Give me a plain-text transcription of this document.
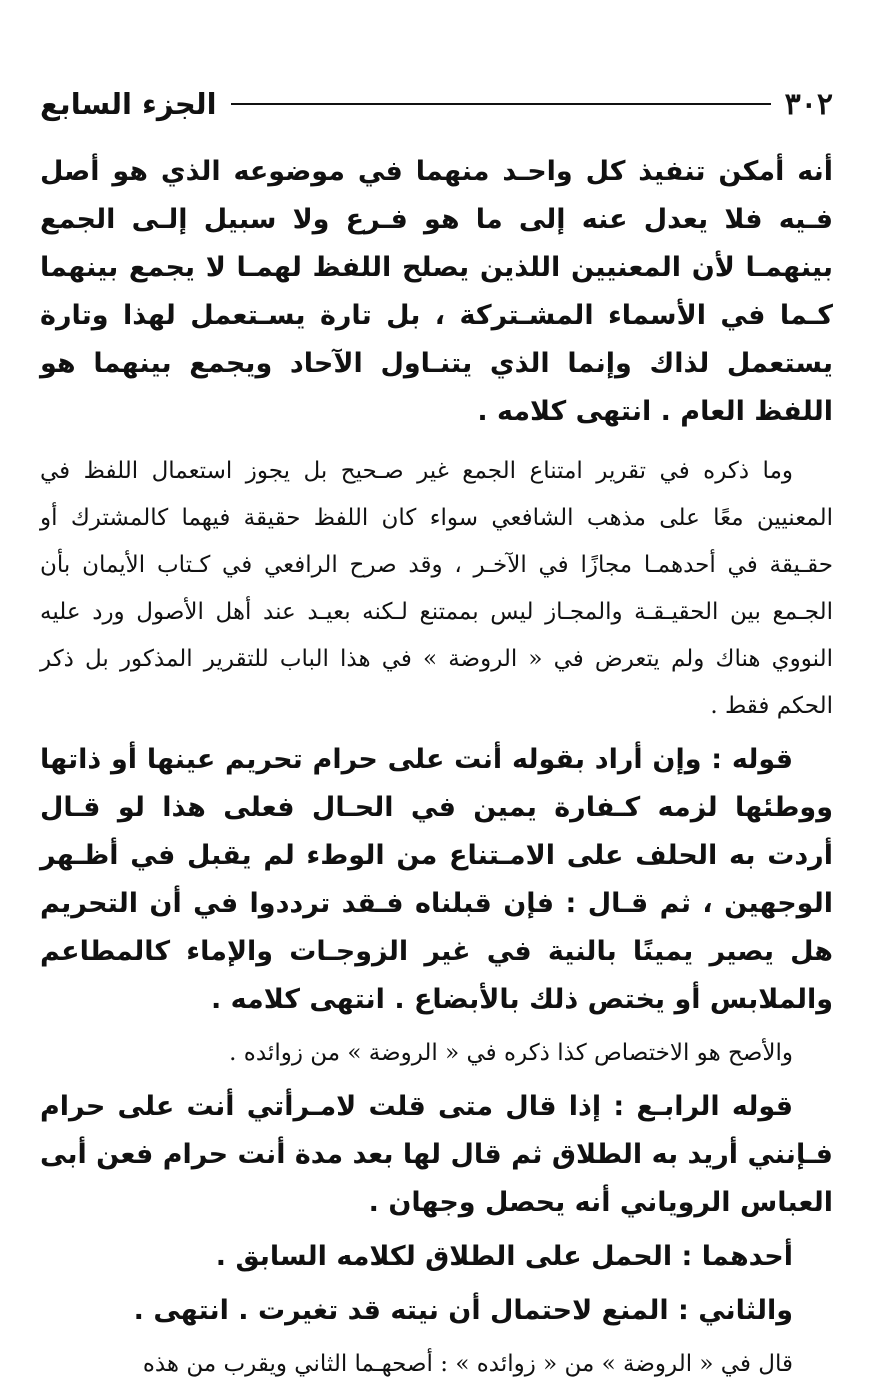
٣٠٢
الجزء السابع

أنه أمكن تنفيذ كل واحـد منهما في موضوعه الذي هو أصل فـيه فلا يعدل عنه إلى ما هو فـرع ولا سبيل إلـى الجمع بينهمـا لأن المعنيين اللذين يصلح اللفظ لهمـا لا يجمع بينهما كـما في الأسماء المشـتركة ، بل تارة يسـتعمل لهذا وتارة يستعمل لذاك وإنما الذي يتنـاول الآحاد ويجمع بينهما هو اللفظ العام . انتهى كلامه .

وما ذكره في تقرير امتناع الجمع غير صـحيح بل يجوز استعمال اللفظ في المعنيين معًا على مذهب الشافعي سواء كان اللفظ حقيقة فيهما كالمشترك أو حقـيقة في أحدهمـا مجازًا في الآخـر ، وقد صرح الرافعي في كـتاب الأيمان بأن الجـمع بين الحقيـقـة والمجـاز ليس بممتنع لـكنه بعيـد عند أهل الأصول ورد عليه النووي هناك ولم يتعرض في « الروضة » في هذا الباب للتقرير المذكور بل ذكر الحكم فقط .

قوله : وإن أراد بقوله أنت على حرام تحريم عينها أو ذاتها ووطئها لزمه كـفارة يمين في الحـال فعلى هذا لو قـال أردت به الحلف على الامـتناع من الوطء لم يقبل في أظـهر الوجهين ، ثم قـال : فإن قبلناه فـقد ترددوا في أن التحريم هل يصير يمينًا بالنية في غير الزوجـات والإماء كالمطاعم والملابس أو يختص ذلك بالأبضاع . انتهى كلامه .

والأصح هو الاختصاص كذا ذكره في « الروضة » من زوائده .

قوله الرابـع : إذا قال متى قلت لامـرأتي أنت على حرام فـإنني أريد به الطلاق ثم قال لها بعد مدة أنت حرام فعن أبى العباس الروياني أنه يحصل وجهان .

أحدهما : الحمل على الطلاق لكلامه السابق .

والثاني : المنع لاحتمال أن نيته قد تغيرت . انتهى .

قال في « الروضة » من « زوائده » : أصحهـما الثاني ويقرب من هذه
